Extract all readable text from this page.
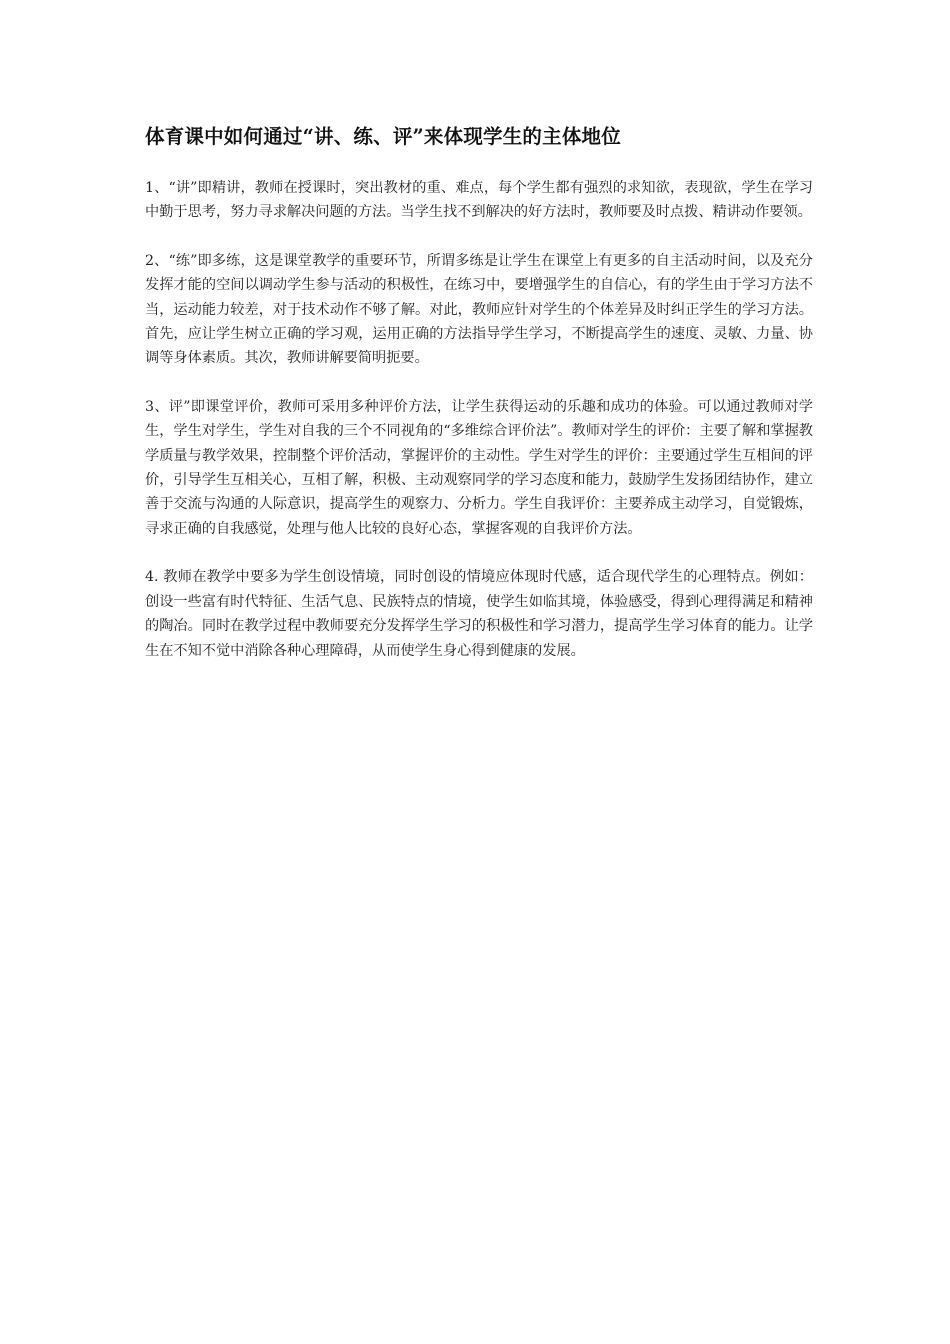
体育课中如何通过“讲、练、评”来体现学生的主体地位

1、“讲”即精讲，教师在授课时，突出教材的重、难点，每个学生都有强烈的求知欲，表现欲，学生在学习中勤于思考，努力寻求解决问题的方法。当学生找不到解决的好方法时，教师要及时点拨、精讲动作要领。

2、“练”即多练，这是课堂教学的重要环节，所谓多练是让学生在课堂上有更多的自主活动时间，以及充分发挥才能的空间以调动学生参与活动的积极性，在练习中，要增强学生的自信心，有的学生由于学习方法不当，运动能力较差，对于技术动作不够了解。对此，教师应针对学生的个体差异及时纠正学生的学习方法。首先，应让学生树立正确的学习观，运用正确的方法指导学生学习，不断提高学生的速度、灵敏、力量、协调等身体素质。其次，教师讲解要简明扼要。

3、评”即课堂评价，教师可采用多种评价方法，让学生获得运动的乐趣和成功的体验。可以通过教师对学生，学生对学生，学生对自我的三个不同视角的“多维综合评价法”。教师对学生的评价：主要了解和掌握教学质量与教学效果，控制整个评价活动，掌握评价的主动性。学生对学生的评价：主要通过学生互相间的评价，引导学生互相关心，互相了解，积极、主动观察同学的学习态度和能力，鼓励学生发扬团结协作，建立善于交流与沟通的人际意识，提高学生的观察力、分析力。学生自我评价：主要养成主动学习，自觉锻炼，寻求正确的自我感觉，处理与他人比较的良好心态，掌握客观的自我评价方法。

4. 教师在教学中要多为学生创设情境，同时创设的情境应体现时代感，适合现代学生的心理特点。例如：创设一些富有时代特征、生活气息、民族特点的情境，使学生如临其境，体验感受，得到心理得满足和精神的陶冶。同时在教学过程中教师要充分发挥学生学习的积极性和学习潜力，提高学生学习体育的能力。让学生在不知不觉中消除各种心理障碍，从而使学生身心得到健康的发展。
